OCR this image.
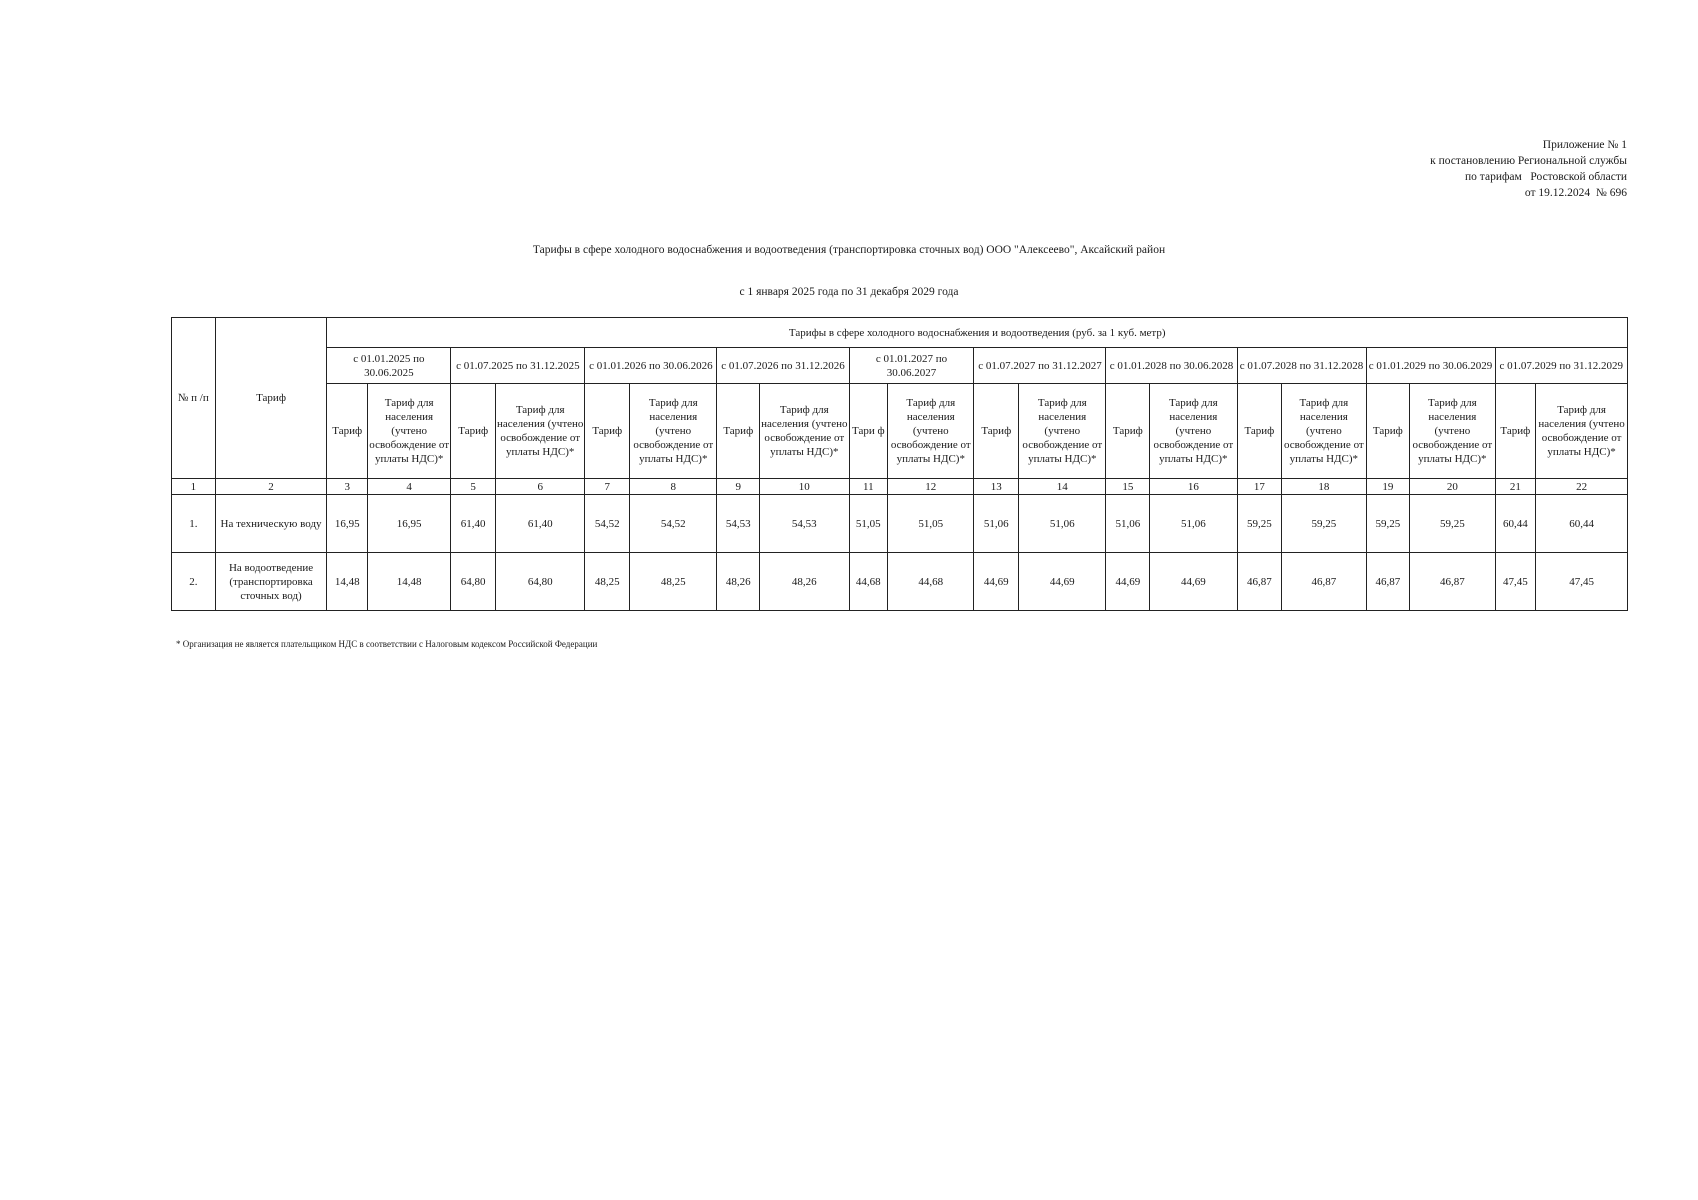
Приложение № 1
к постановлению Региональной службы
по тарифам   Ростовской области
от 19.12.2024  № 696
Тарифы в сфере холодного водоснабжения и водоотведения (транспортировка сточных вод) ООО "Алексеево", Аксайский район
с 1 января 2025 года по 31 декабря 2029 года
№ п /п	Тариф	Тарифы в сфере холодного водоснабжения и водоотведения (руб. за 1 куб. метр)																			
		с 01.01.2025 по 30.06.2025		с 01.07.2025 по 31.12.2025		с 01.01.2026 по 30.06.2026		с 01.07.2026 по 31.12.2026		с 01.01.2027 по 30.06.2027		с 01.07.2027 по 31.12.2027		с 01.01.2028 по 30.06.2028		с 01.07.2028 по 31.12.2028		с 01.01.2029 по 30.06.2029		с 01.07.2029 по 31.12.2029	
		Тариф	Тариф для населения (учтено освобождение от уплаты НДС)*	Тариф	Тариф для населения (учтено освобождение от уплаты НДС)*	Тариф	Тариф для населения (учтено освобождение от уплаты НДС)*	Тариф	Тариф для населения (учтено освобождение от уплаты НДС)*	Тари ф	Тариф для населения (учтено освобождение от уплаты НДС)*	Тариф	Тариф для населения (учтено освобождение от уплаты НДС)*	Тариф	Тариф для населения (учтено освобождение от уплаты НДС)*	Тариф	Тариф для населения (учтено освобождение от уплаты НДС)*	Тариф	Тариф для населения (учтено освобождение от уплаты НДС)*	Тариф	Тариф для населения (учтено освобождение от уплаты НДС)*
1	2	3	4	5	6	7	8	9	10	11	12	13	14	15	16	17	18	19	20	21	22
1.	На техническую воду	16,95	16,95	61,40	61,40	54,52	54,52	54,53	54,53	51,05	51,05	51,06	51,06	51,06	51,06	59,25	59,25	59,25	59,25	60,44	60,44
2.	На водоотведение (транспортировка сточных вод)	14,48	14,48	64,80	64,80	48,25	48,25	48,26	48,26	44,68	44,68	44,69	44,69	44,69	44,69	46,87	46,87	46,87	46,87	47,45	47,45
* Организация не является плательщиком НДС в соответствии с Налоговым кодексом Российской Федерации
